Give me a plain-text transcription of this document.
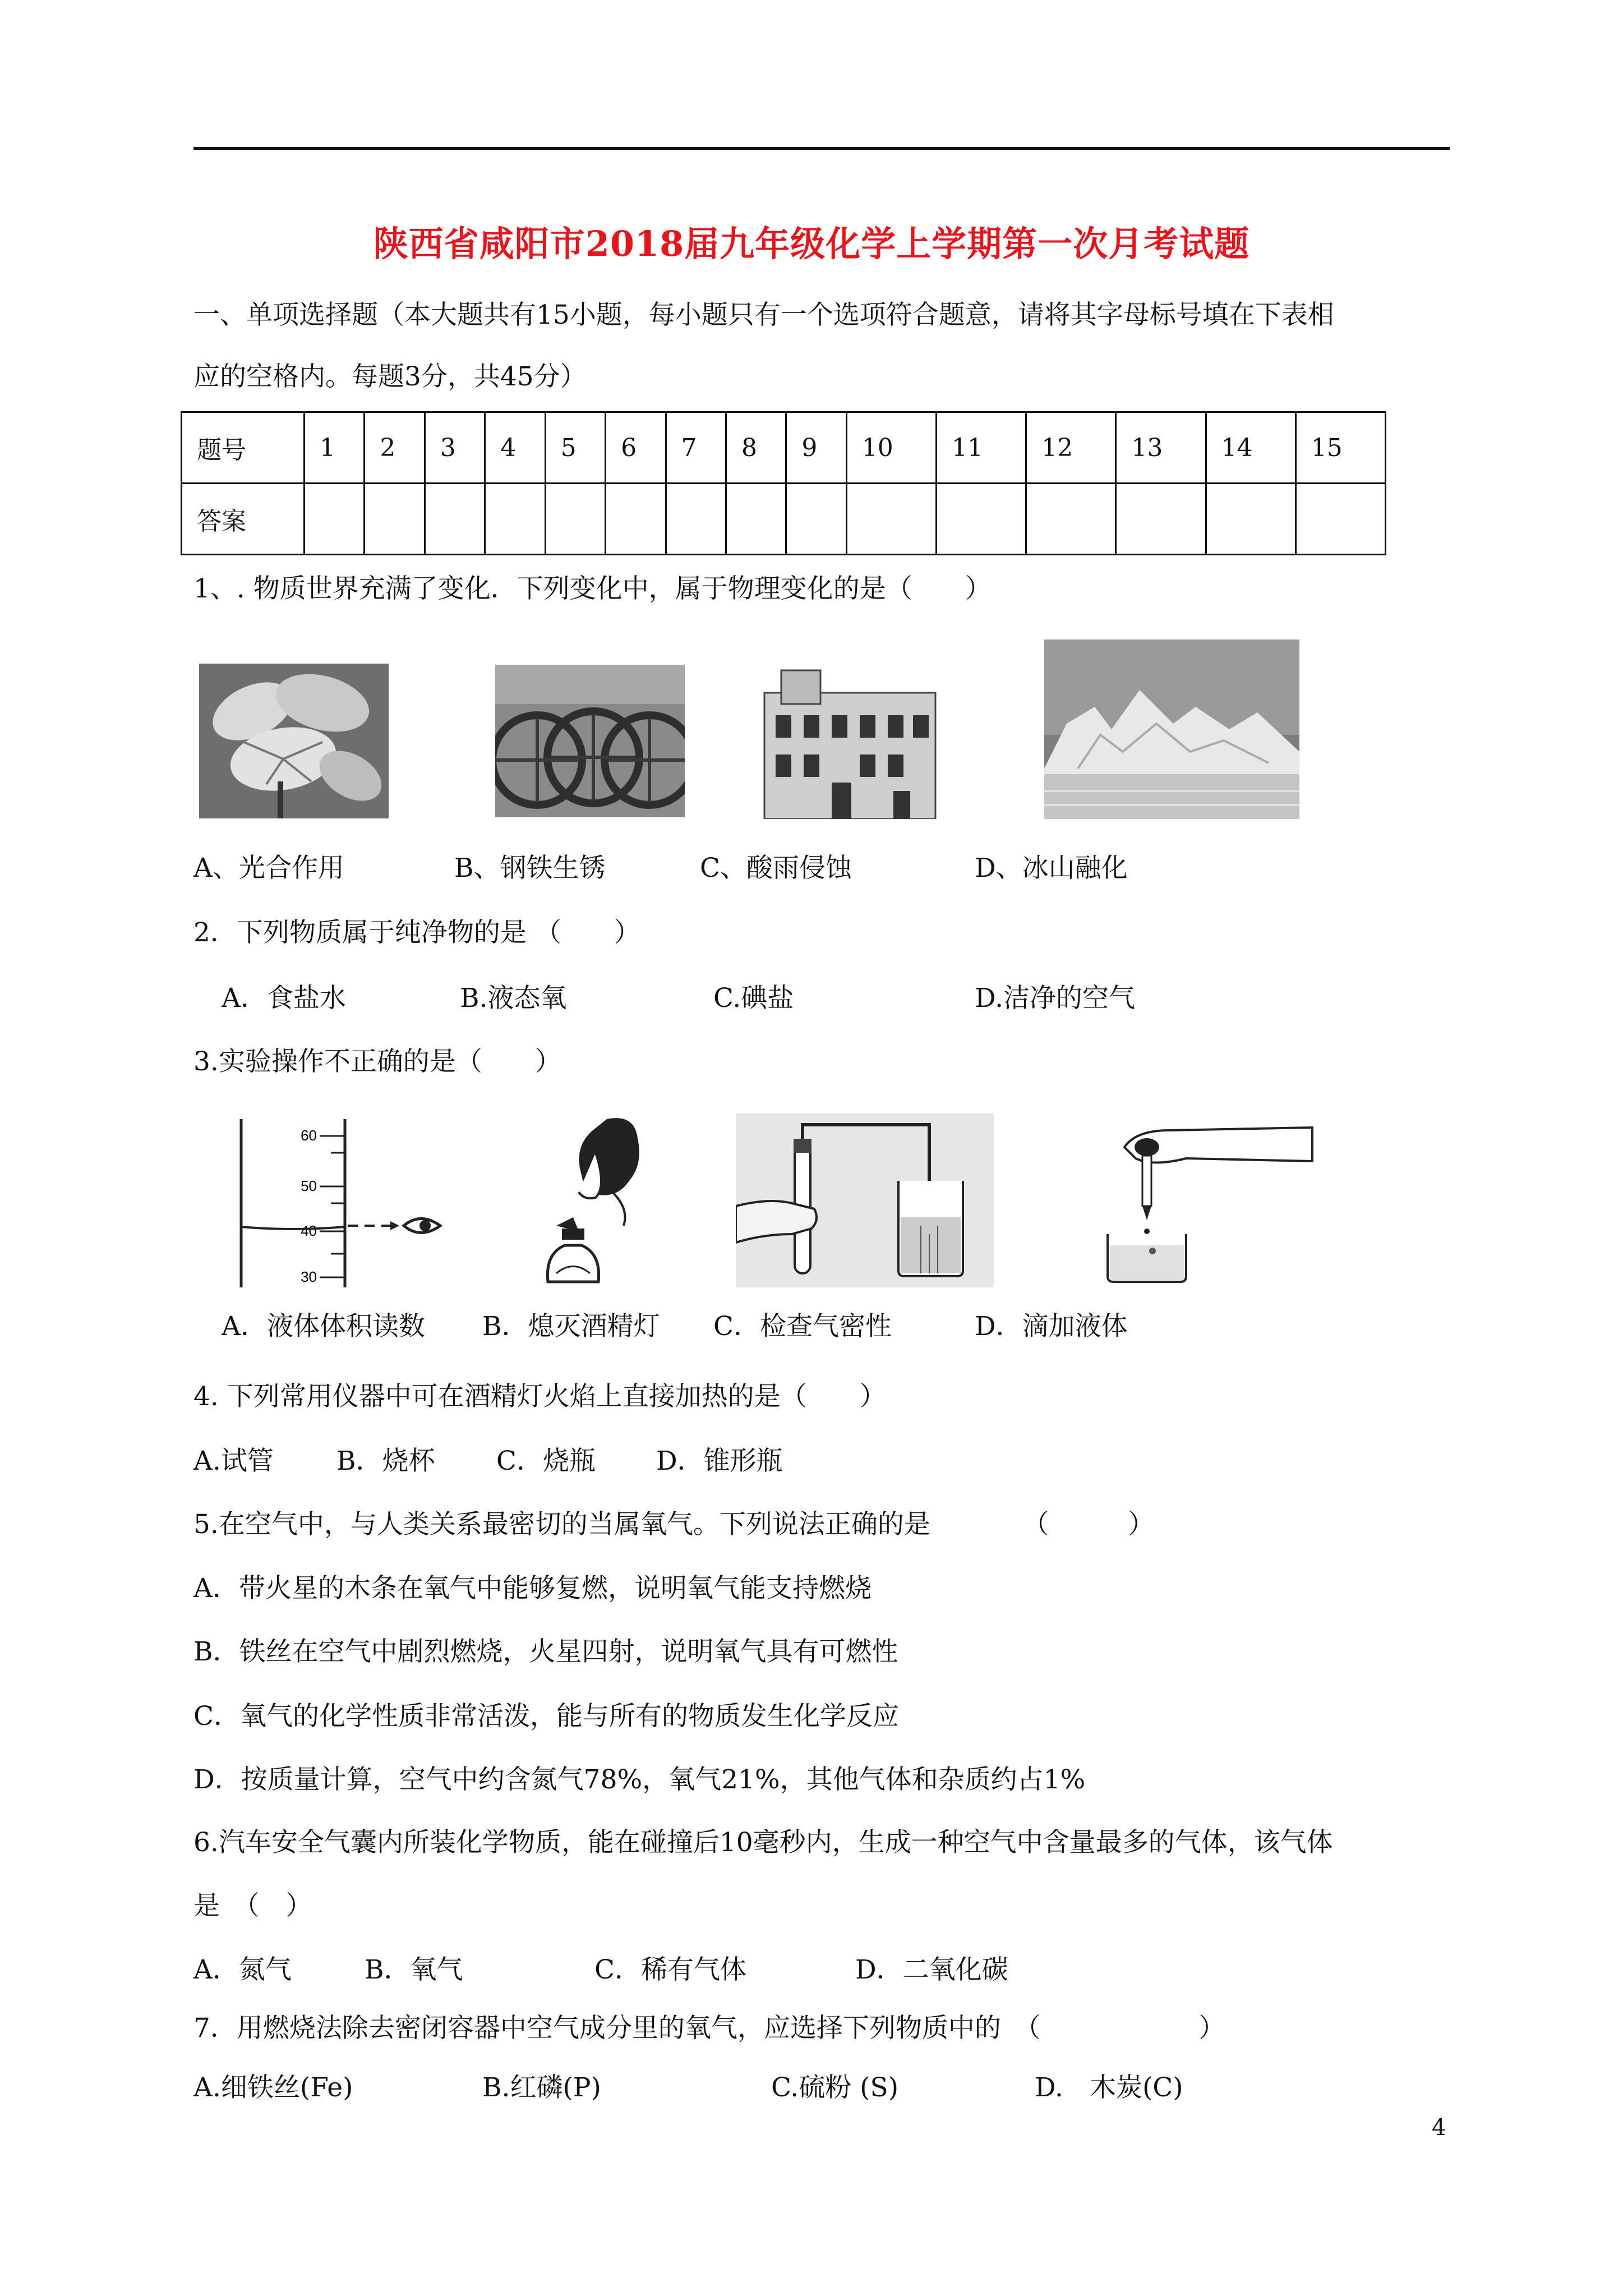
陕西省咸阳市2018届九年级化学上学期第一次月考试题
一、单项选择题（本大题共有15小题，每小题只有一个选项符合题意，请将其字母标号填在下表相
应的空格内。每题3分，共45分）
题号	1	2	3	4	5	6	7	8	9	10	11	12	13	14	15
答案															
1、. 物质世界充满了变化．下列变化中，属于物理变化的是（　　）
A、光合作用	B、钢铁生锈	C、酸雨侵蚀	D、冰山融化
2．下列物质属于纯净物的是 （　　）
A．食盐水	B.液态氧	C.碘盐	D.洁净的空气
3.实验操作不正确的是（　　）
60
50
40
30
A．液体体积读数 B．熄灭酒精灯 C．检查气密性	D．滴加液体
4. 下列常用仪器中可在酒精灯火焰上直接加热的是（　　）
A.试管 B．烧杯 C．烧瓶 D．锥形瓶
5.在空气中，与人类关系最密切的当属氧气。下列说法正确的是　　　　（　　　）
A．带火星的木条在氧气中能够复燃，说明氧气能支持燃烧
B．铁丝在空气中剧烈燃烧，火星四射，说明氧气具有可燃性
C．氧气的化学性质非常活泼，能与所有的物质发生化学反应
D．按质量计算，空气中约含氮气78%，氧气21%，其他气体和杂质约占1%
6.汽车安全气囊内所装化学物质，能在碰撞后10毫秒内，生成一种空气中含量最多的气体，该气体
是　（　）
A．氮气	B．氧气	C．稀有气体	D．二氧化碳
7．用燃烧法除去密闭容器中空气成分里的氧气，应选择下列物质中的　（　　　　　　）
A.细铁丝(Fe)	B.红磷(P)	C.硫粉 (S)	D.　木炭(C)
4
